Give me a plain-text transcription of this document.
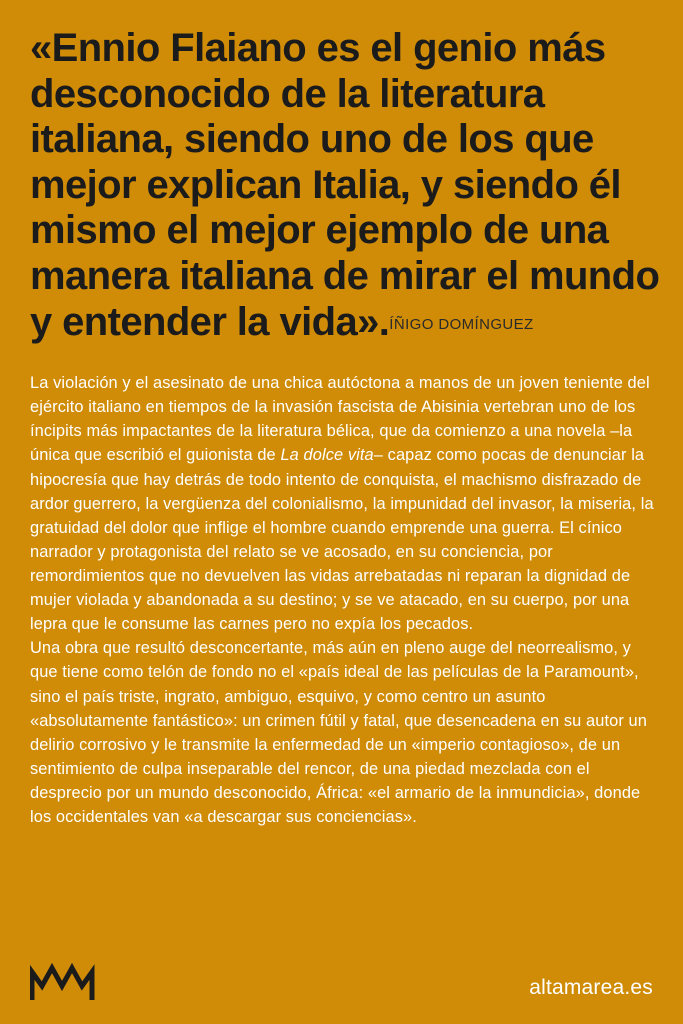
«Ennio Flaiano es el genio más desconocido de la literatura italiana, siendo uno de los que mejor explican Italia, y siendo él mismo el mejor ejemplo de una manera italiana de mirar el mundo y entender la vida».ÍÑIGO DOMÍNGUEZ

La violación y el asesinato de una chica autóctona a manos de un joven teniente del ejército italiano en tiempos de la invasión fascista de Abisinia vertebran uno de los íncipits más impactantes de la literatura bélica, que da comienzo a una novela –la única que escribió el guionista de La dolce vita– capaz como pocas de denunciar la hipocresía que hay detrás de todo intento de conquista, el machismo disfrazado de ardor guerrero, la vergüenza del colonialismo, la impunidad del invasor, la miseria, la gratuidad del dolor que inflige el hombre cuando emprende una guerra. El cínico narrador y protagonista del relato se ve acosado, en su conciencia, por remordimientos que no devuelven las vidas arrebatadas ni reparan la dignidad de mujer violada y abandonada a su destino; y se ve atacado, en su cuerpo, por una lepra que le consume las carnes pero no expía los pecados.

Una obra que resultó desconcertante, más aún en pleno auge del neorrealismo, y que tiene como telón de fondo no el «país ideal de las películas de la Paramount», sino el país triste, ingrato, ambiguo, esquivo, y como centro un asunto «absolutamente fantástico»: un crimen fútil y fatal, que desencadena en su autor un delirio corrosivo y le transmite la enfermedad de un «imperio contagioso», de un sentimiento de culpa inseparable del rencor, de una piedad mezclada con el desprecio por un mundo desconocido, África: «el armario de la inmundicia», donde los occidentales van «a descargar sus conciencias».

altamarea.es
